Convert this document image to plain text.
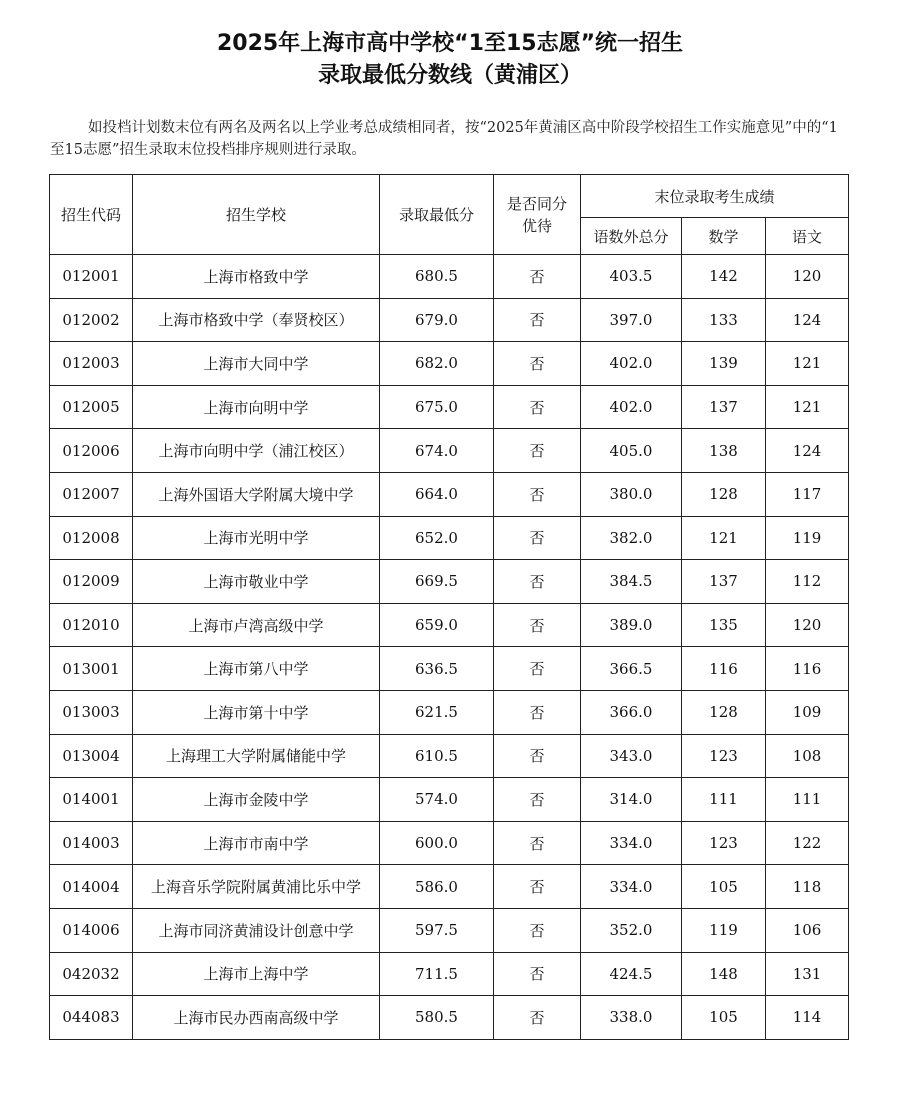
2025年上海市高中学校“1至15志愿”统一招生
录取最低分数线（黄浦区）
如投档计划数末位有两名及两名以上学业考总成绩相同者，按“2025年黄浦区高中阶段学校招生工作实施意见”中的“1至15志愿”招生录取末位投档排序规则进行录取。
招生代码	招生学校	录取最低分	是否同分优待	末位录取考生成绩		
				语数外总分	数学	语文
012001	上海市格致中学	680.5	否	403.5	142	120
012002	上海市格致中学（奉贤校区）	679.0	否	397.0	133	124
012003	上海市大同中学	682.0	否	402.0	139	121
012005	上海市向明中学	675.0	否	402.0	137	121
012006	上海市向明中学（浦江校区）	674.0	否	405.0	138	124
012007	上海外国语大学附属大境中学	664.0	否	380.0	128	117
012008	上海市光明中学	652.0	否	382.0	121	119
012009	上海市敬业中学	669.5	否	384.5	137	112
012010	上海市卢湾高级中学	659.0	否	389.0	135	120
013001	上海市第八中学	636.5	否	366.5	116	116
013003	上海市第十中学	621.5	否	366.0	128	109
013004	上海理工大学附属储能中学	610.5	否	343.0	123	108
014001	上海市金陵中学	574.0	否	314.0	111	111
014003	上海市市南中学	600.0	否	334.0	123	122
014004	上海音乐学院附属黄浦比乐中学	586.0	否	334.0	105	118
014006	上海市同济黄浦设计创意中学	597.5	否	352.0	119	106
042032	上海市上海中学	711.5	否	424.5	148	131
044083	上海市民办西南高级中学	580.5	否	338.0	105	114
